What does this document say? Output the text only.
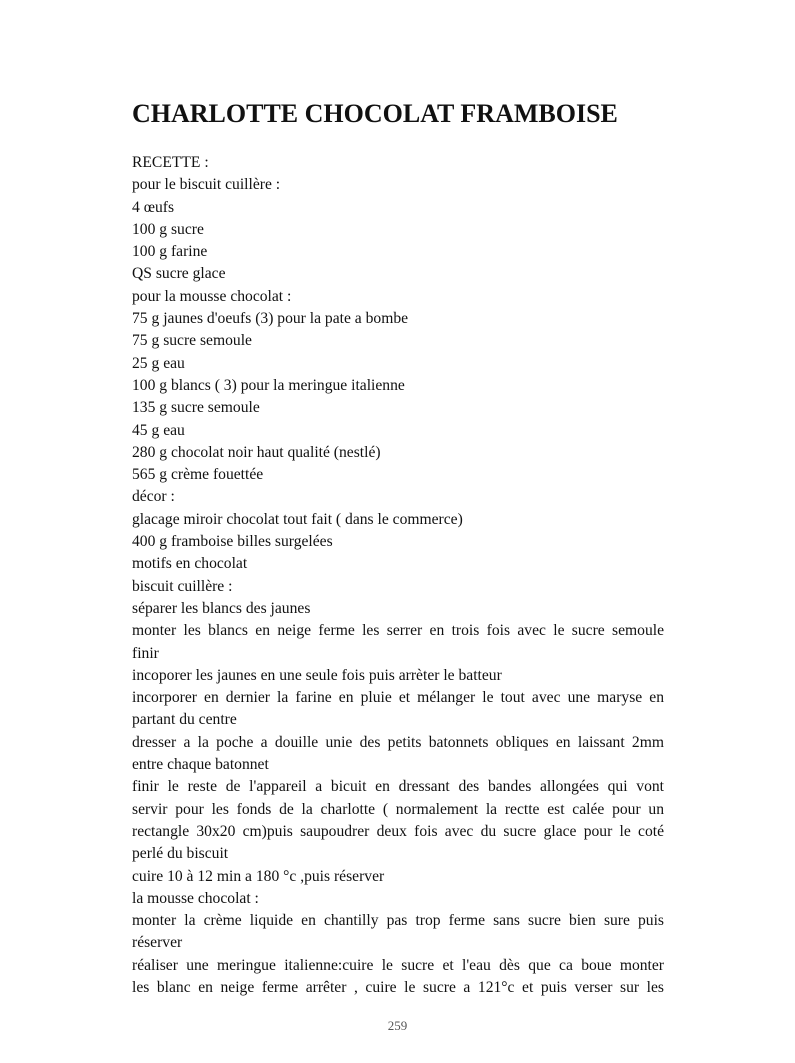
CHARLOTTE CHOCOLAT FRAMBOISE
RECETTE :
pour le biscuit cuillère :
4 œufs
100 g sucre
100 g farine
QS sucre glace
pour la mousse chocolat :
75 g jaunes d'oeufs (3) pour la pate a bombe
75 g sucre semoule
25 g eau
100 g blancs ( 3) pour la meringue italienne
135 g sucre semoule
45 g eau
280 g chocolat noir haut qualité (nestlé)
565 g crème fouettée
décor :
glacage miroir chocolat tout fait ( dans le commerce)
400 g framboise billes surgelées
motifs en chocolat
biscuit cuillère :
séparer les blancs des jaunes
monter les blancs en neige ferme les serrer en trois fois avec le sucre semoule
finir
incoporer les jaunes en une seule fois puis arrèter le batteur
incorporer en dernier la farine en pluie et mélanger le tout avec une maryse en
partant du centre
dresser a la poche a douille unie des petits batonnets obliques en laissant 2mm
entre chaque batonnet
finir le reste de l'appareil a bicuit en dressant des bandes allongées qui vont
servir pour les fonds de la charlotte ( normalement la rectte est calée pour un
rectangle 30x20 cm)puis saupoudrer deux fois avec du sucre glace pour le coté
perlé du biscuit
cuire 10 à 12 min a 180 °c ,puis réserver
la mousse chocolat :
monter la crème liquide en chantilly pas trop ferme sans sucre bien sure puis
réserver
réaliser une meringue italienne:cuire le sucre et l'eau dès que ca boue monter
les blanc en neige ferme arrêter , cuire le sucre a 121°c et puis verser sur les
259
